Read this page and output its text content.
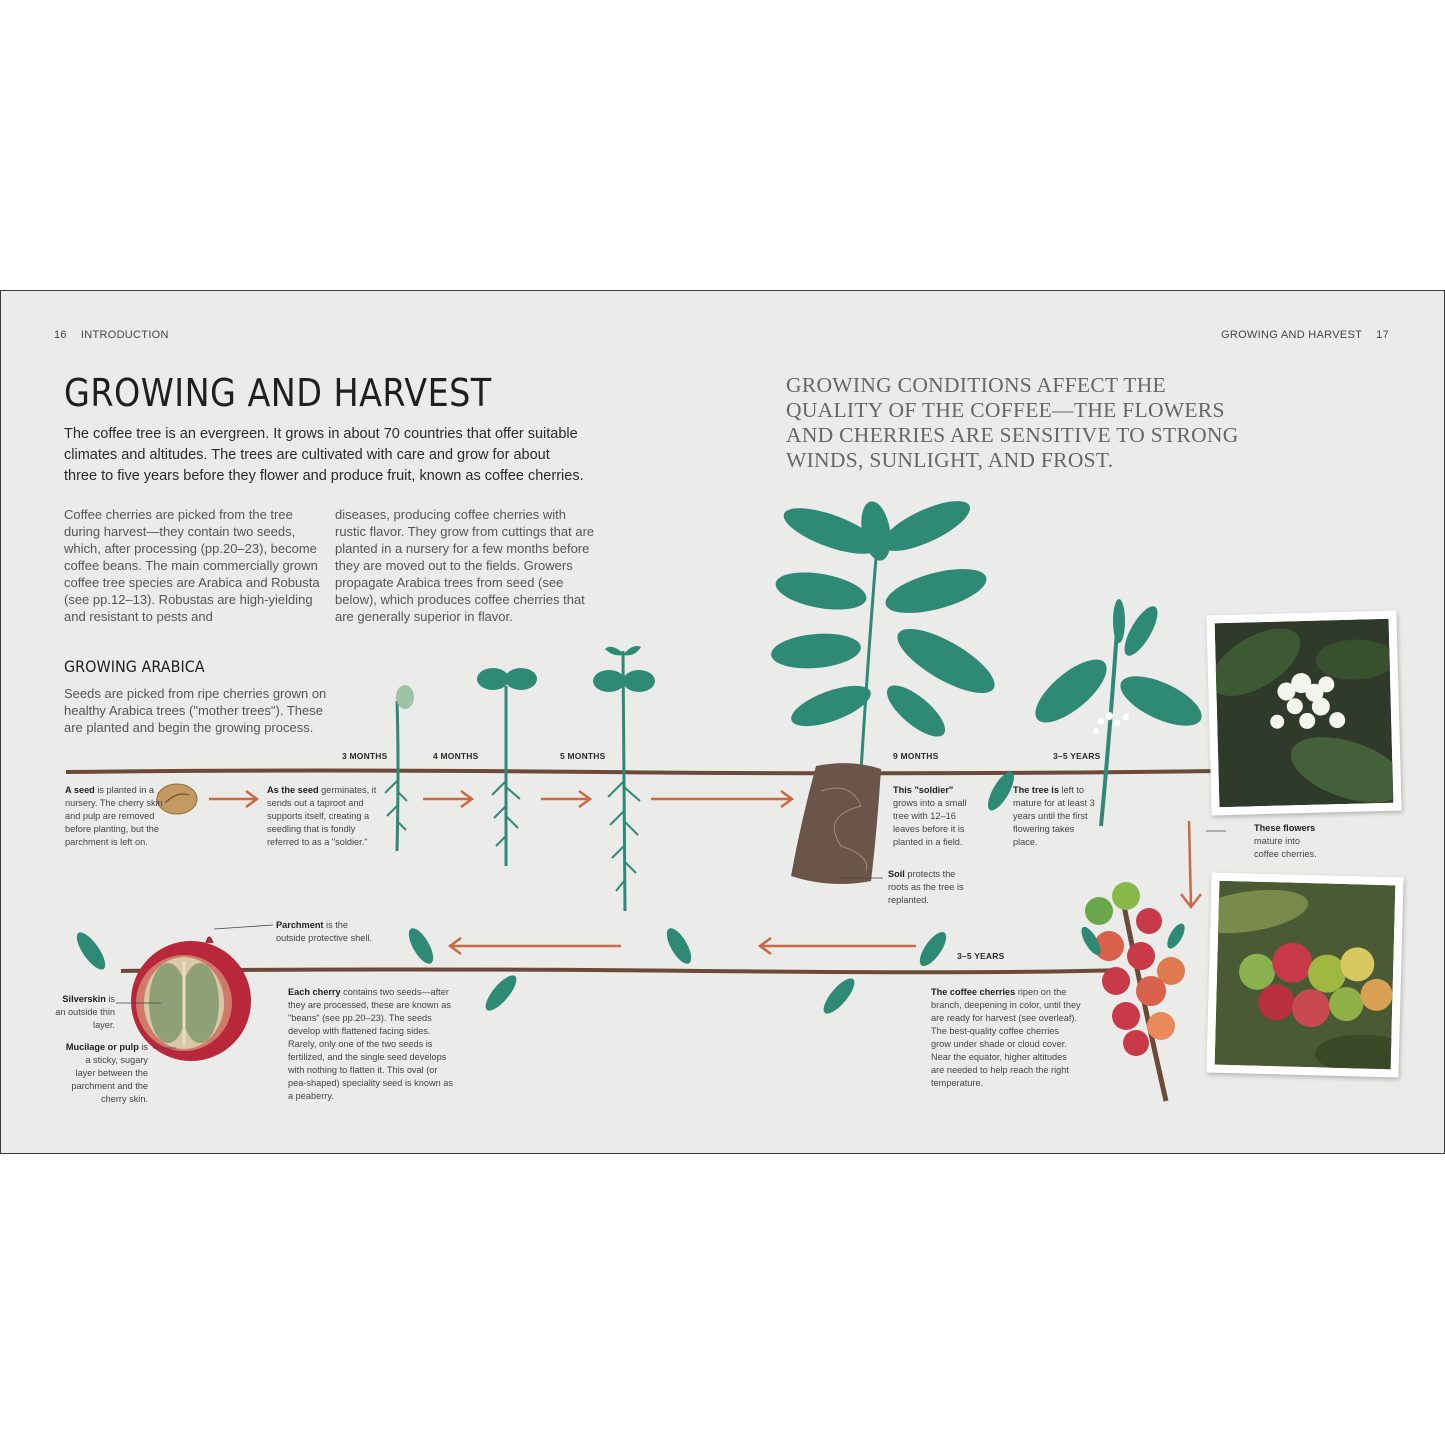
16 INTRODUCTION	GROWING AND HARVEST 17
GROWING AND HARVEST
The coffee tree is an evergreen. It grows in about 70 countries that offer suitable climates and altitudes. The trees are cultivated with care and grow for about three to five years before they flower and produce fruit, known as coffee cherries.
Coffee cherries are picked from the tree during harvest—they contain two seeds, which, after processing (pp.20–23), become coffee beans. The main commercially grown coffee tree species are Arabica and Robusta (see pp.12–13). Robustas are high-yielding and resistant to pests and
diseases, producing coffee cherries with rustic flavor. They grow from cuttings that are planted in a nursery for a few months before they are moved out to the fields. Growers propagate Arabica trees from seed (see below), which produces coffee cherries that are generally superior in flavor.
GROWING CONDITIONS AFFECT THE QUALITY OF THE COFFEE—THE FLOWERS AND CHERRIES ARE SENSITIVE TO STRONG WINDS, SUNLIGHT, AND FROST.
GROWING ARABICA
Seeds are picked from ripe cherries grown on healthy Arabica trees ("mother trees"). These are planted and begin the growing process.
3 MONTHS	4 MONTHS	5 MONTHS	9 MONTHS	3–5 YEARS
3–5 YEARS
A seed is planted in a nursery. The cherry skin and pulp are removed before planting, but the parchment is left on.
As the seed germinates, it sends out a taproot and supports itself, creating a seedling that is fondly referred to as a "soldier."
This "soldier" grows into a small tree with 12–16 leaves before it is planted in a field.
Soil protects the roots as the tree is replanted.
The tree is left to mature for at least 3 years until the first flowering takes place.
These flowers mature into coffee cherries.
Parchment is the outside protective shell.
Silverskin is an outside thin layer.
Mucilage or pulp is a sticky, sugary layer between the parchment and the cherry skin.
Each cherry contains two seeds—after they are processed, these are known as "beans" (see pp.20–23). The seeds develop with flattened facing sides. Rarely, only one of the two seeds is fertilized, and the single seed develops with nothing to flatten it. This oval (or pea-shaped) speciality seed is known as a peaberry.
The coffee cherries ripen on the branch, deepening in color, until they are ready for harvest (see overleaf). The best-quality coffee cherries grow under shade or cloud cover. Near the equator, higher altitudes are needed to help reach the right temperature.
